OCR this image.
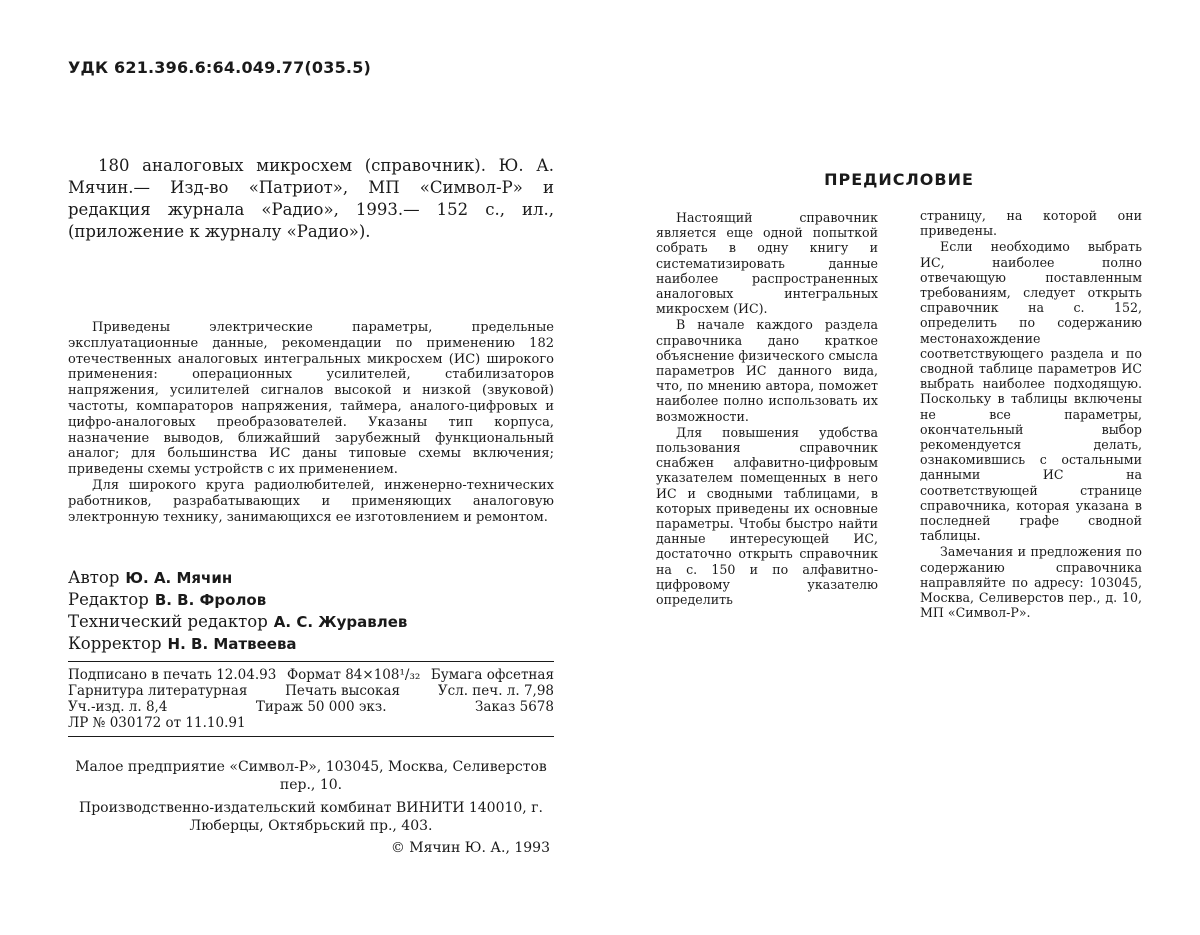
УДК 621.396.6:64.049.77(035.5)
180 аналоговых микросхем (справочник). Ю. А. Мячин.— Изд-во «Патриот», МП «Символ-Р» и редакция журнала «Радио», 1993.— 152 с., ил., (приложение к журналу «Радио»).

Приведены электрические параметры, предельные эксплуатационные данные, рекомендации по применению 182 отечественных аналоговых интегральных микросхем (ИС) широкого применения: операционных усилителей, стабилизаторов напряжения, усилителей сигналов высокой и низкой (звуковой) частоты, компараторов напряжения, таймера, аналого-цифровых и цифро-аналоговых преобразователей. Указаны тип корпуса, назначение выводов, ближайший зарубежный функциональный аналог; для большинства ИС даны типовые схемы включения; приведены схемы устройств с их применением.

Для широкого круга радиолюбителей, инженерно-технических работников, разрабатывающих и применяющих аналоговую электронную технику, занимающихся ее изготовлением и ремонтом.

Автор Ю. А. Мячин
Редактор В. В. Фролов
Технический редактор А. С. Журавлев
Корректор Н. В. Матвеева
Подписано в печать 12.04.93 Формат 84×108¹/₃₂ Бумага офсетная
Гарнитура литературная	Печать высокая	Усл. печ. л. 7,98
Уч.-изд. л. 8,4	Тираж 50 000 экз.	Заказ 5678
ЛР № 030172 от 11.10.91

Малое предприятие «Символ-Р», 103045, Москва, Селиверстов пер., 10.

Производственно-издательский комбинат ВИНИТИ 140010, г. Люберцы, Октябрьский пр., 403.

© Мячин Ю. А., 1993
ПРЕДИСЛОВИЕ

Настоящий справочник является еще одной попыткой собрать в одну книгу и систематизировать данные наиболее распространенных аналоговых интегральных микросхем (ИС).

В начале каждого раздела справочника дано краткое объяснение физического смысла параметров ИС данного вида, что, по мнению автора, поможет наиболее полно использовать их возможности.

Для повышения удобства пользования справочник снабжен алфавитно-цифровым указателем помещенных в него ИС и сводными таблицами, в которых приведены их основные параметры. Чтобы быстро найти данные интересующей ИС, достаточно открыть справочник на с. 150 и по алфавитно-цифровому указателю определить

страницу, на которой они приведены.

Если необходимо выбрать ИС, наиболее полно отвечающую поставленным требованиям, следует открыть справочник на с. 152, определить по содержанию местонахождение соответствующего раздела и по сводной таблице параметров ИС выбрать наиболее подходящую. Поскольку в таблицы включены не все параметры, окончательный выбор рекомендуется делать, ознакомившись с остальными данными ИС на соответствующей странице справочника, которая указана в последней графе сводной таблицы.

Замечания и предложения по содержанию справочника направляйте по адресу: 103045, Москва, Селиверстов пер., д. 10, МП «Символ-Р».
